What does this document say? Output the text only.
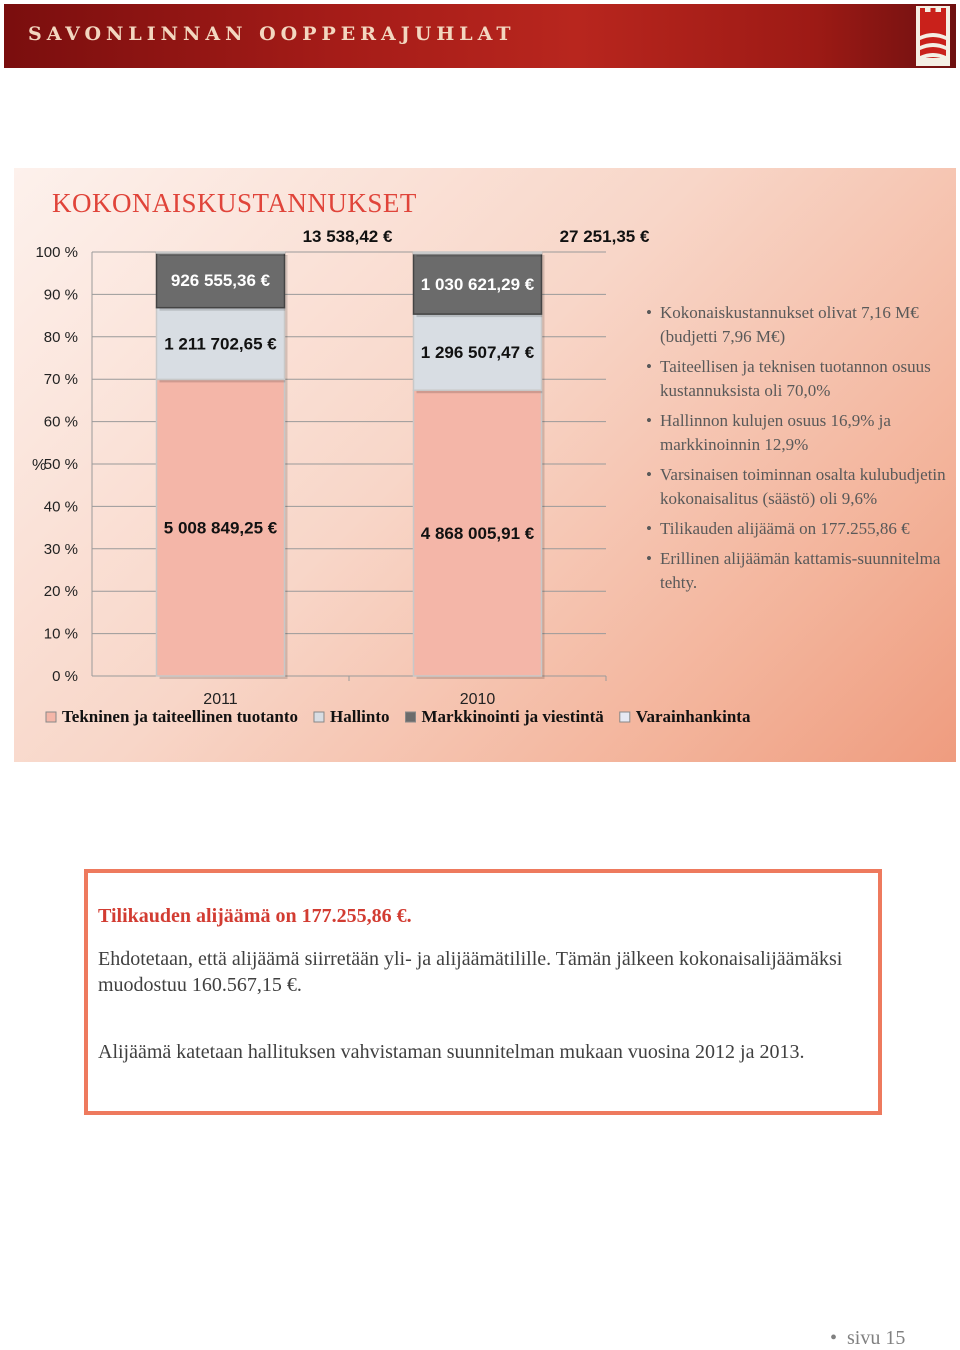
SAVONLINNAN OOPPERAJUHLAT
KOKONAISKUSTANNUKSET
0 %
10 %
20 %
30 %
40 %
50 %
60 %
70 %
80 %
90 %
100 %
%
2011
5 008 849,25 €
1 211 702,65 €
926 555,36 €
13 538,42 €
2010
4 868 005,91 €
1 296 507,47 €
1 030 621,29 €
27 251,35 €
Tekninen ja taiteellinen tuotanto Hallinto Markkinointi ja viestintä Varainhankinta
• Kokonaiskustannukset olivat 7,16 M€ (budjetti 7,96 M€)
• Taiteellisen ja teknisen tuotannon osuus kustannuksista oli 70,0%
• Hallinnon kulujen osuus 16,9% ja markkinoinnin 12,9%
• Varsinaisen toiminnan osalta kulubudjetin kokonaisalitus (säästö) oli 9,6%
• Tilikauden alijäämä on 177.255,86 €
• Erillinen alijäämän kattamis-suunnitelma tehty.
Tilikauden alijäämä on 177.255,86 €.
Ehdotetaan, että alijäämä siirretään yli- ja alijäämätilille. Tämän jälkeen kokonaisalijäämäksi muodostuu 160.567,15 €.
Alijäämä katetaan hallituksen vahvistaman suunnitelman mukaan vuosina 2012 ja 2013.
• sivu 15
